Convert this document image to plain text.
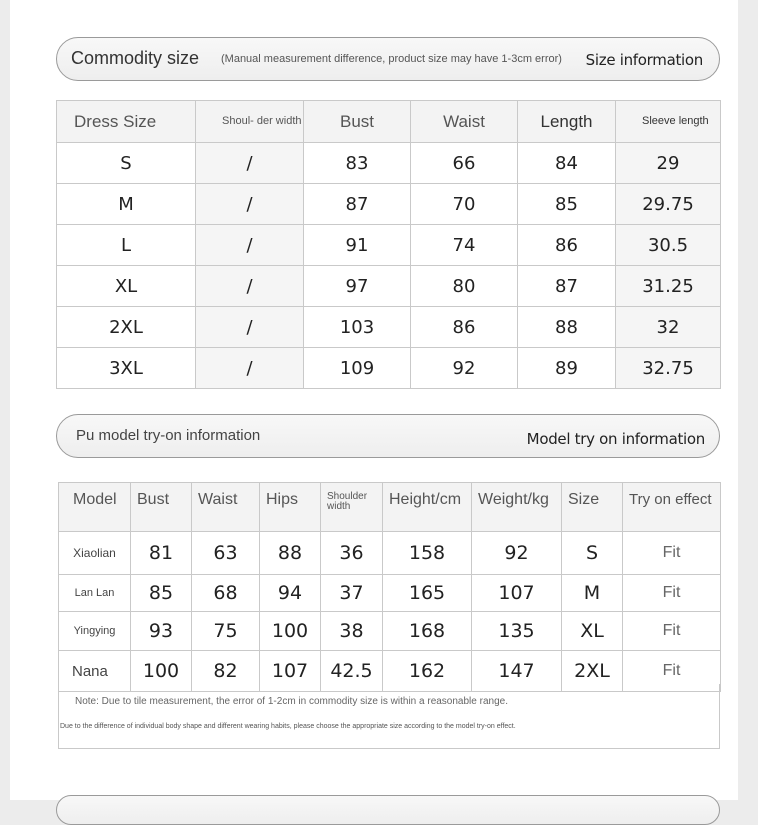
Commodity size (Manual measurement difference, product size may have 1-3cm error) Size information
Dress Size	Shoul- der width	Bust	Waist	Length	Sleeve length
S	/	83	66	84	29
M	/	87	70	85	29.75
L	/	91	74	86	30.5
XL	/	97	80	87	31.25
2XL	/	103	86	88	32
3XL	/	109	92	89	32.75
Pu model try-on information	Model try on information
Model	Bust	Waist	Hips	Shoulder width	Height/cm	Weight/kg	Size	Try on effect
Xiaolian	81	63	88	36	158	92	S	Fit
Lan Lan	85	68	94	37	165	107	M	Fit
Yingying	93	75	100	38	168	135	XL	Fit
Nana	100	82	107	42.5	162	147	2XL	Fit
Note: Due to tile measurement, the error of 1-2cm in commodity size is within a reasonable range.
Due to the difference of individual body shape and different wearing habits, please choose the appropriate size according to the model try-on effect.
